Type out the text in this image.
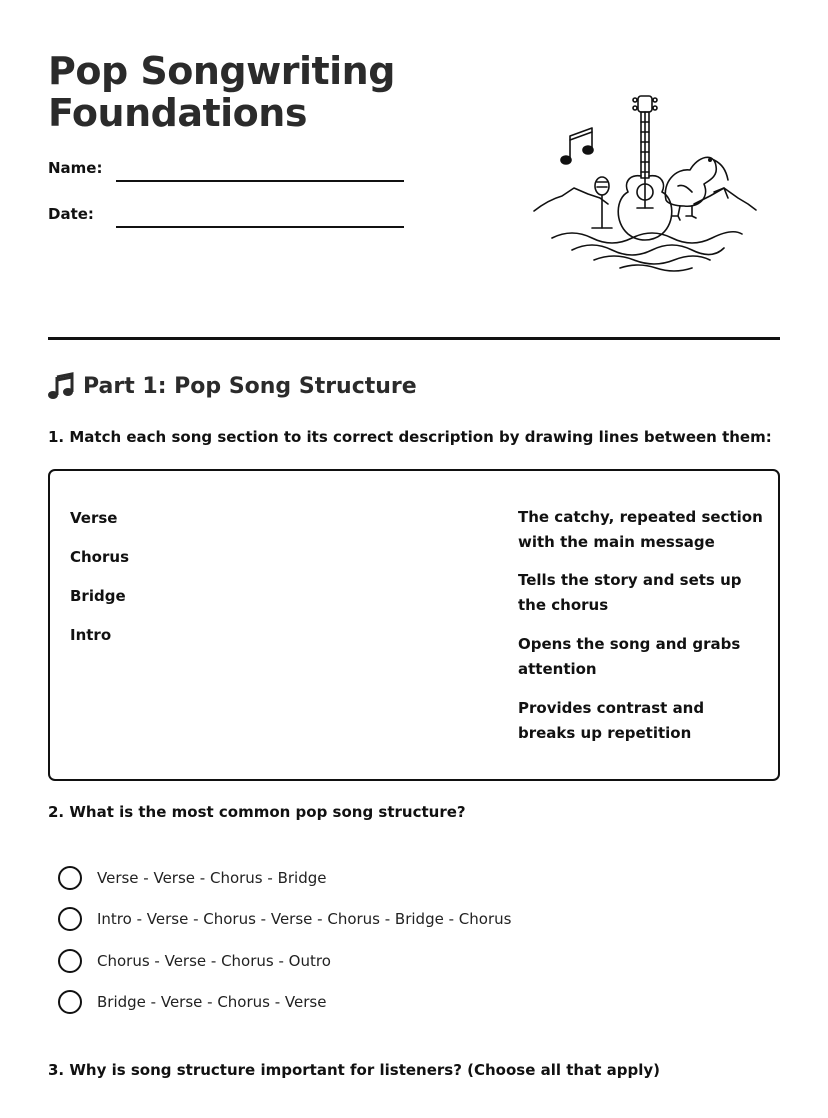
Pop Songwriting
Foundations
Name:
Date:
Part 1: Pop Song Structure

1. Match each song section to its correct description by drawing lines between them:

Verse
Chorus
Bridge
Intro
The catchy, repeated section with the main message
Tells the story and sets up the chorus
Opens the song and grabs attention
Provides contrast and breaks up repetition

2. What is the most common pop song structure?

Verse - Verse - Chorus - Bridge
Intro - Verse - Chorus - Verse - Chorus - Bridge - Chorus
Chorus - Verse - Chorus - Outro
Bridge - Verse - Chorus - Verse

3. Why is song structure important for listeners? (Choose all that apply)
